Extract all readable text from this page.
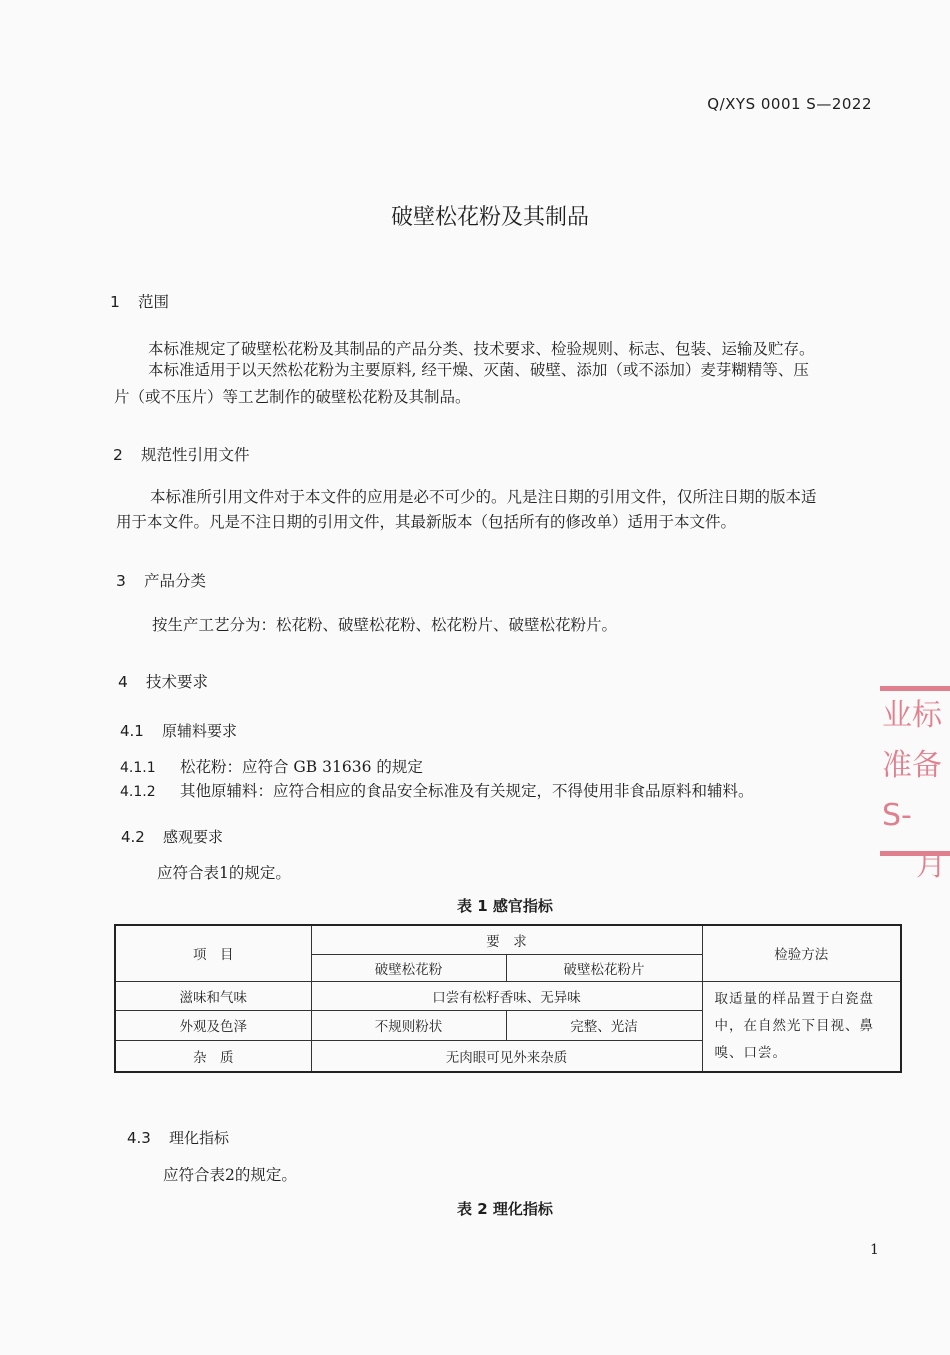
Q/XYS 0001 S—2022
破壁松花粉及其制品
1 范围
本标准规定了破壁松花粉及其制品的产品分类、技术要求、检验规则、标志、包装、运输及贮存。
本标准适用于以天然松花粉为主要原料, 经干燥、灭菌、破壁、添加（或不添加）麦芽糊精等、压
片（或不压片）等工艺制作的破壁松花粉及其制品。
2 规范性引用文件
本标准所引用文件对于本文件的应用是必不可少的。凡是注日期的引用文件，仅所注日期的版本适
用于本文件。凡是不注日期的引用文件，其最新版本（包括所有的修改单）适用于本文件。
3 产品分类
按生产工艺分为：松花粉、破壁松花粉、松花粉片、破壁松花粉片。
4 技术要求
4.1 原辅料要求
4.1.1 松花粉：应符合 GB 31636 的规定
4.1.2 其他原辅料：应符合相应的食品安全标准及有关规定，不得使用非食品原料和辅料。
4.2 感观要求
应符合表1的规定。
表 1 感官指标
项　目	要　求		检验方法
	破壁松花粉	破壁松花粉片	
滋味和气味	口尝有松籽香味、无异味		取适量的样品置于白瓷盘中，在自然光下目视、鼻嗅、口尝。
外观及色泽	不规则粉状	完整、光洁	
杂　质	无肉眼可见外来杂质		
4.3 理化指标
应符合表2的规定。
表 2 理化指标
业标准备
S-
月
1
